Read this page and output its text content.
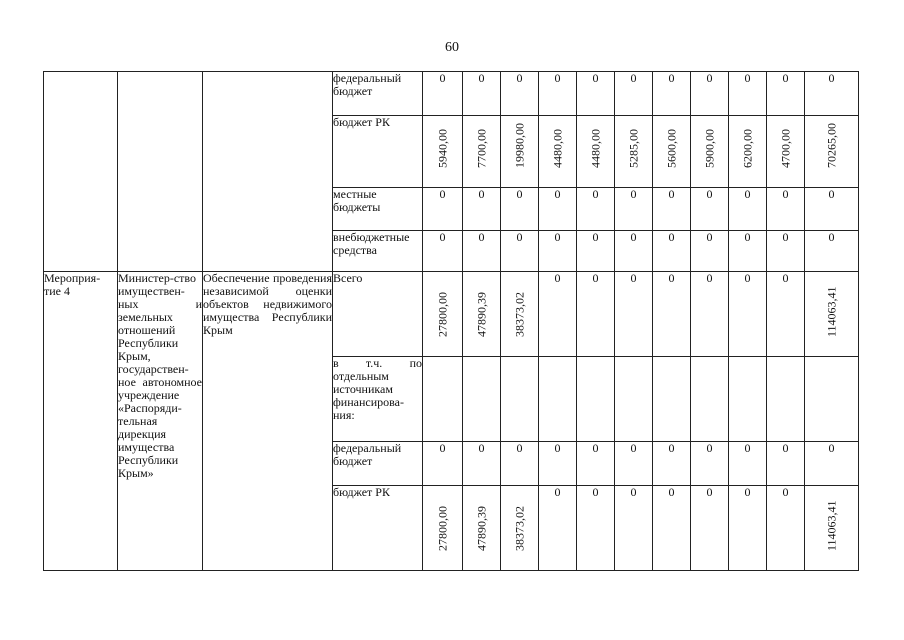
60
			федеральный бюджет	0	0	0	0	0	0	0	0	0	0	0
			бюджет РК	5940,00	7700,00	19980,00	4480,00	4480,00	5285,00	5600,00	5900,00	6200,00	4700,00	70265,00

			местные бюджеты	0	0	0	0	0	0	0	0	0	0	0
			внебюджетные средства	0	0	0	0	0	0	0	0	0	0	0
Мероприя-тие 4	Министер-ство имуществен-ных и земельных отношений Республики Крым, государствен-ное автономное учреждение «Распоряди-тельная дирекция имущества Республики Крым»	Обеспечение проведения независимой оценки объектов недвижимого имущества Республики Крым	Всего	27800,00	47890,39	38373,02	0	0	0	0	0	0	0	114063,41

			в т.ч. по отдельным источникам финансирова-ния:											
			федеральный бюджет	0	0	0	0	0	0	0	0	0	0	0
			бюджет РК	27800,00	47890,39	38373,02	0	0	0	0	0	0	0	114063,41
